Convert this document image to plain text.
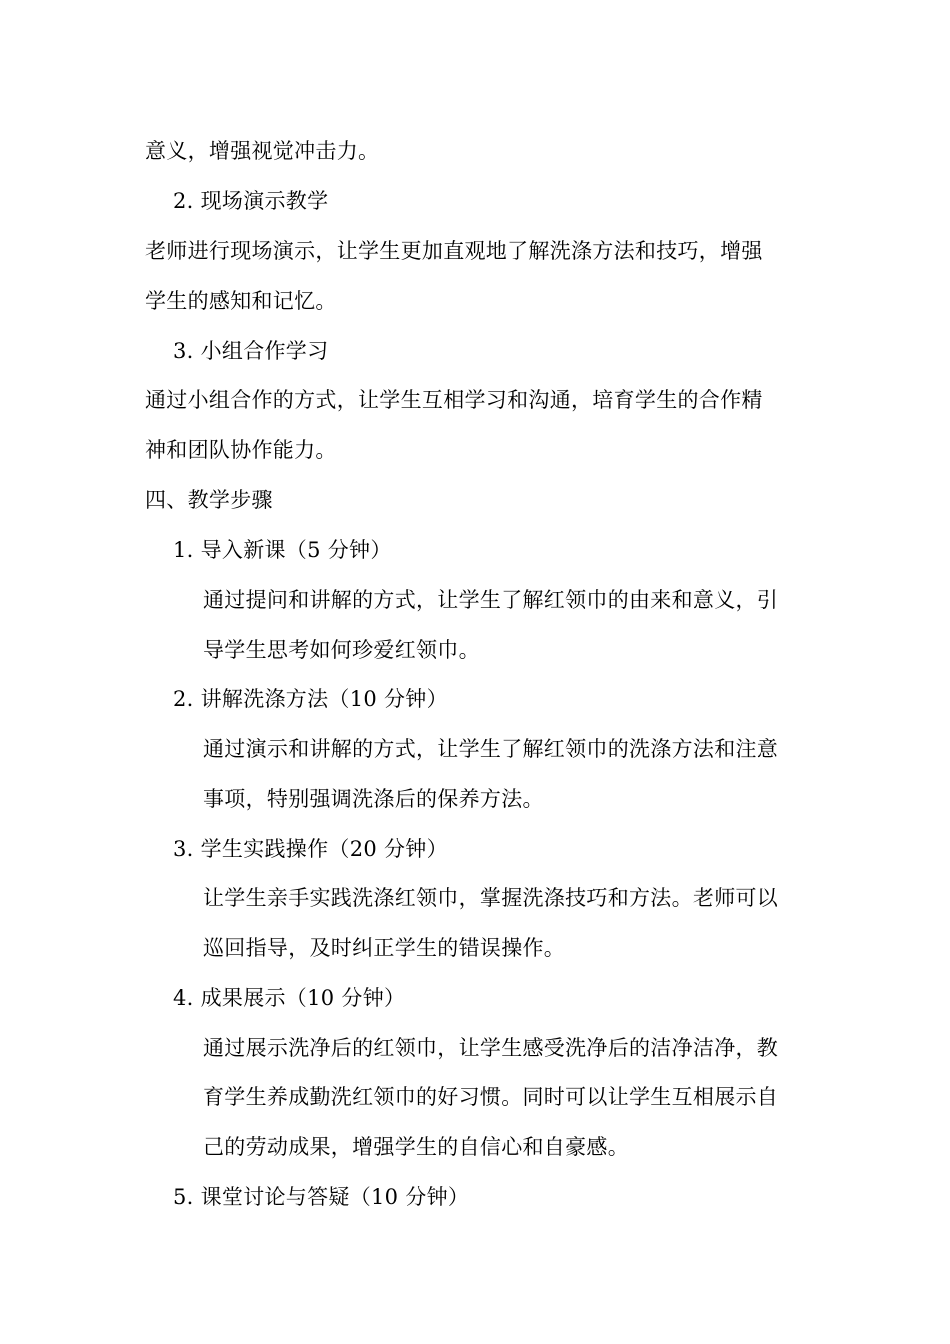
意义，增强视觉冲击力。
2. 现场演示教学
老师进行现场演示，让学生更加直观地了解洗涤方法和技巧，增强
学生的感知和记忆。
3. 小组合作学习
通过小组合作的方式，让学生互相学习和沟通，培育学生的合作精
神和团队协作能力。
四、教学步骤
1. 导入新课（5 分钟）
通过提问和讲解的方式，让学生了解红领巾的由来和意义，引
导学生思考如何珍爱红领巾。
2. 讲解洗涤方法（10 分钟）
通过演示和讲解的方式，让学生了解红领巾的洗涤方法和注意
事项，特别强调洗涤后的保养方法。
3. 学生实践操作（20 分钟）
让学生亲手实践洗涤红领巾，掌握洗涤技巧和方法。老师可以
巡回指导，及时纠正学生的错误操作。
4. 成果展示（10 分钟）
通过展示洗净后的红领巾，让学生感受洗净后的洁净洁净，教
育学生养成勤洗红领巾的好习惯。同时可以让学生互相展示自
己的劳动成果，增强学生的自信心和自豪感。
5. 课堂讨论与答疑（10 分钟）
